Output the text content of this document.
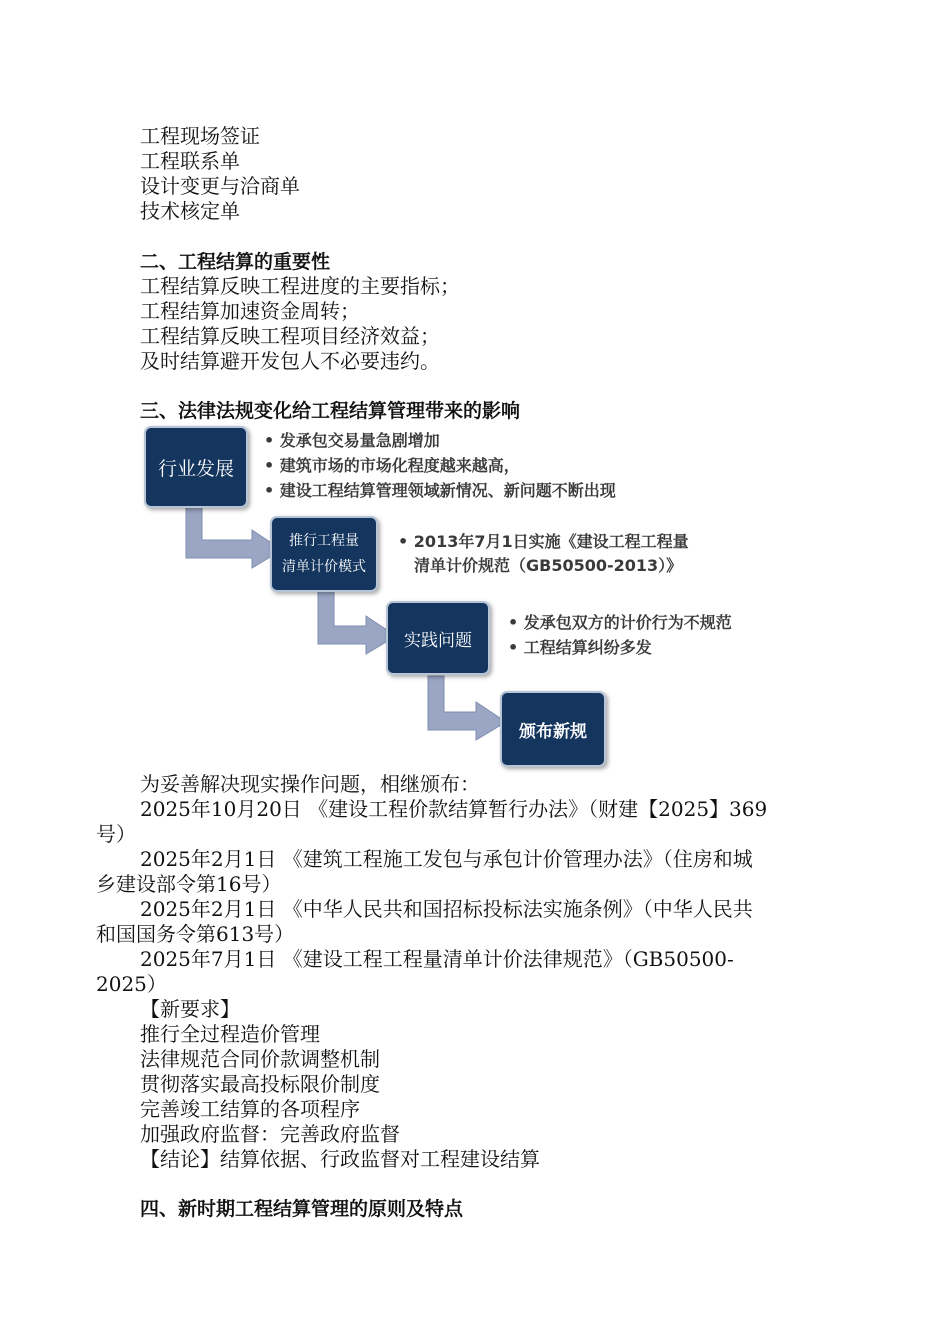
工程现场签证
工程联系单
设计变更与洽商单
技术核定单
二、工程结算的重要性
工程结算反映工程进度的主要指标；
工程结算加速资金周转；
工程结算反映工程项目经济效益；
及时结算避开发包人不必要违约。
三、法律法规变化给工程结算管理带来的影响
行业发展
• 发承包交易量急剧增加
• 建筑市场的市场化程度越来越高，
• 建设工程结算管理领域新情况、新问题不断出现
推行工程量
清单计价模式
• 2013年7月1日实施《建设工程工程量
清单计价规范（GB50500-2013）》
实践问题
• 发承包双方的计价行为不规范
• 工程结算纠纷多发
颁布新规
为妥善解决现实操作问题，相继颁布：
2025年10月20日 《建设工程价款结算暂行办法》（财建【2025】369
号）
2025年2月1日 《建筑工程施工发包与承包计价管理办法》（住房和城
乡建设部令第16号）
2025年2月1日 《中华人民共和国招标投标法实施条例》（中华人民共
和国国务令第613号）
2025年7月1日 《建设工程工程量清单计价法律规范》（GB50500-
2025）
【新要求】
推行全过程造价管理
法律规范合同价款调整机制
贯彻落实最高投标限价制度
完善竣工结算的各项程序
加强政府监督：完善政府监督
【结论】结算依据、行政监督对工程建设结算
四、新时期工程结算管理的原则及特点
